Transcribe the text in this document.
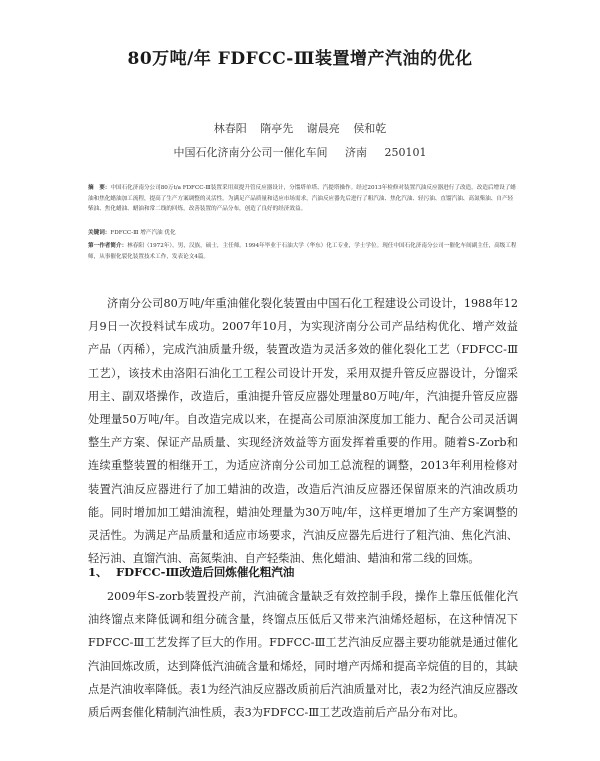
80万吨/年 FDFCC-Ⅲ装置增产汽油的优化
林春阳 隋亭先 谢晨亮 侯和乾
中国石化济南分公司一催化车间 济南 250101
摘　要：中国石化济南分公司80万t/a FDFCC-Ⅲ装置采用双提升管反应器设计，分馏塔单塔、汽提塔操作。经过2013年检修对装置汽油反应器进行了改造，改造后增设了蜡油和焦化蜡油加工流程，提高了生产方案调整的灵活性。为满足产品质量和适应市场需求，汽油反应器先后进行了粗汽油、焦化汽油、轻污油、直馏汽油、高氮柴油、自产轻柴油、焦化蜡油、蜡油和常二线的回炼，改善装置的产品分布，创造了良好的经济效益。
关键词：FDFCC-Ⅲ 增产汽油 优化
第一作者简介：林春阳（1972年），男，汉族，硕士，主任师。1994年毕业于石油大学（华东）化工专业，学士学位。现任中国石化济南分公司一催化车间副主任，高级工程师，从事催化裂化装置技术工作，发表论文4篇。
济南分公司80万吨/年重油催化裂化装置由中国石化工程建设公司设计，1988年12月9日一次投料试车成功。2007年10月，为实现济南分公司产品结构优化、增产效益产品（丙稀），完成汽油质量升级，装置改造为灵活多效的催化裂化工艺（FDFCC-Ⅲ工艺），该技术由洛阳石油化工工程公司设计开发，采用双提升管反应器设计，分馏采用主、副双塔操作，改造后，重油提升管反应器处理量80万吨/年，汽油提升管反应器处理量50万吨/年。自改造完成以来，在提高公司原油深度加工能力、配合公司灵活调整生产方案、保证产品质量、实现经济效益等方面发挥着重要的作用。随着S-Zorb和连续重整装置的相继开工，为适应济南分公司加工总流程的调整，2013年利用检修对装置汽油反应器进行了加工蜡油的改造，改造后汽油反应器还保留原来的汽油改质功能。同时增加加工蜡油流程，蜡油处理量为30万吨/年，这样更增加了生产方案调整的灵活性。为满足产品质量和适应市场要求，汽油反应器先后进行了粗汽油、焦化汽油、轻污油、直馏汽油、高氮柴油、自产轻柴油、焦化蜡油、蜡油和常二线的回炼。
1、 FDFCC-Ⅲ改造后回炼催化粗汽油
2009年S-zorb装置投产前，汽油硫含量缺乏有效控制手段，操作上靠压低催化汽油终馏点来降低调和组分硫含量，终馏点压低后又带来汽油烯烃超标，在这种情况下FDFCC-Ⅲ工艺发挥了巨大的作用。FDFCC-Ⅲ工艺汽油反应器主要功能就是通过催化汽油回炼改质，达到降低汽油硫含量和烯烃，同时增产丙烯和提高辛烷值的目的，其缺点是汽油收率降低。表1为经汽油反应器改质前后汽油质量对比，表2为经汽油反应器改质后两套催化精制汽油性质，表3为FDFCC-Ⅲ工艺改造前后产品分布对比。
